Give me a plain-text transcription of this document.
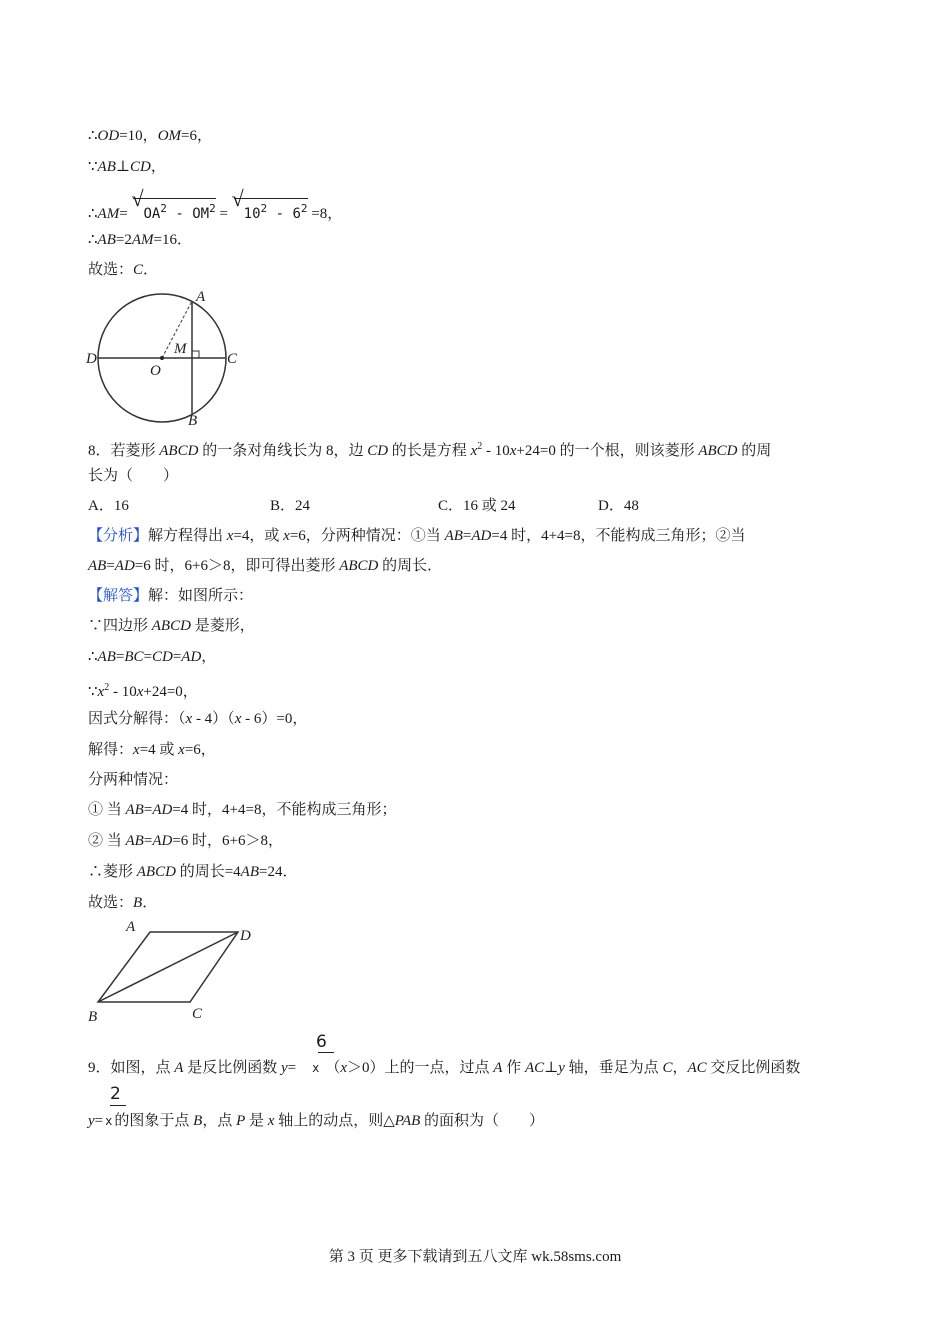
∴OD=10，OM=6，
∵AB⊥CD，
∴AM=
√
$OA^2 - OM^2$ =
√
$10^2 - 6^2 =8$，
∴AB=2AM=16．
故选：C．
A
M
D
O
C
B
8．若菱形 ABCD 的一条对角线长为 8，边 CD 的长是方程 $x^2 - 10x+24=0$ 的一个根，则该菱形 ABCD 的周
长为（　　）
A．16	B．24	C．16 或 24	D．48
【分析】解方程得出 x=4，或 x=6，分两种情况：①当 AB=AD=4 时，4+4=8，不能构成三角形；②当
AB=AD=6 时，6+6＞8，即可得出菱形 ABCD 的周长．
【解答】解：如图所示：
∵四边形 ABCD 是菱形，
∴AB=BC=CD=AD，
$\because x^2 - 10x+24=0$，
因式分解得：（x - 4）（x - 6）=0，
解得：x=4 或 x=6，
分两种情况：
① 当 AB=AD=4 时，4+4=8，不能构成三角形；
② 当 AB=AD=6 时，6+6＞8，
∴菱形 ABCD 的周长=4AB=24．
故选：B．
A
D
B	C
6
9．如图，点 A 是反比例函数 y= x （x＞0）上的一点，过点 A 作 AC⊥y 轴，垂足为点 C，AC 交反比例函数
2
y= x 的图象于点 B，点 P 是 x 轴上的动点，则△PAB 的面积为（　　）
第 3 页 更多下载请到五八文库 wk.58sms.com
